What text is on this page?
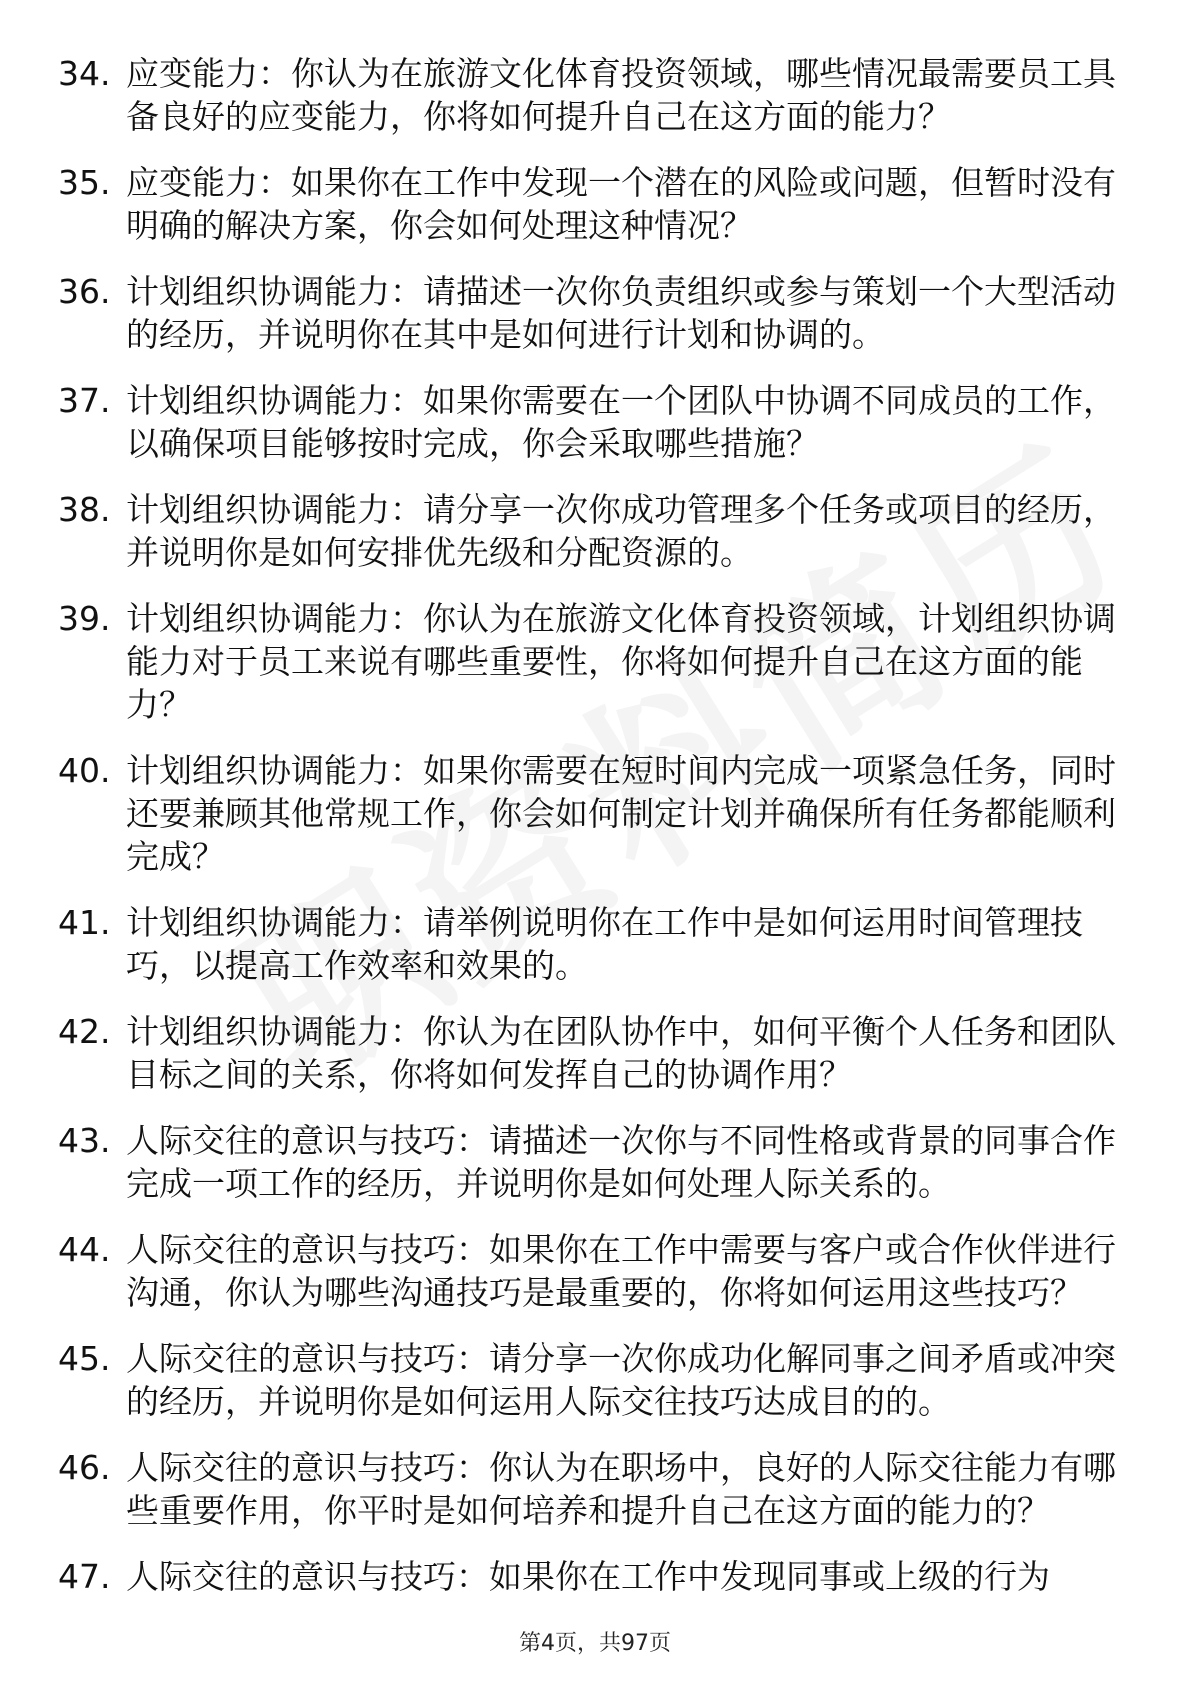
34. 应变能力：你认为在旅游文化体育投资领域，哪些情况最需要员工具备良好的应变能力，你将如何提升自己在这方面的能力？
35. 应变能力：如果你在工作中发现一个潜在的风险或问题，但暂时没有明确的解决方案，你会如何处理这种情况？
36. 计划组织协调能力：请描述一次你负责组织或参与策划一个大型活动的经历，并说明你在其中是如何进行计划和协调的。
37. 计划组织协调能力：如果你需要在一个团队中协调不同成员的工作，以确保项目能够按时完成，你会采取哪些措施？
38. 计划组织协调能力：请分享一次你成功管理多个任务或项目的经历，并说明你是如何安排优先级和分配资源的。
39. 计划组织协调能力：你认为在旅游文化体育投资领域，计划组织协调能力对于员工来说有哪些重要性，你将如何提升自己在这方面的能力？
40. 计划组织协调能力：如果你需要在短时间内完成一项紧急任务，同时还要兼顾其他常规工作，你会如何制定计划并确保所有任务都能顺利完成？
41. 计划组织协调能力：请举例说明你在工作中是如何运用时间管理技巧，以提高工作效率和效果的。
42. 计划组织协调能力：你认为在团队协作中，如何平衡个人任务和团队目标之间的关系，你将如何发挥自己的协调作用？
43. 人际交往的意识与技巧：请描述一次你与不同性格或背景的同事合作完成一项工作的经历，并说明你是如何处理人际关系的。
44. 人际交往的意识与技巧：如果你在工作中需要与客户或合作伙伴进行沟通，你认为哪些沟通技巧是最重要的，你将如何运用这些技巧？
45. 人际交往的意识与技巧：请分享一次你成功化解同事之间矛盾或冲突的经历，并说明你是如何运用人际交往技巧达成目的的。
46. 人际交往的意识与技巧：你认为在职场中，良好的人际交往能力有哪些重要作用，你平时是如何培养和提升自己在这方面的能力的？
47. 人际交往的意识与技巧：如果你在工作中发现同事或上级的行为
第4页，共97页
